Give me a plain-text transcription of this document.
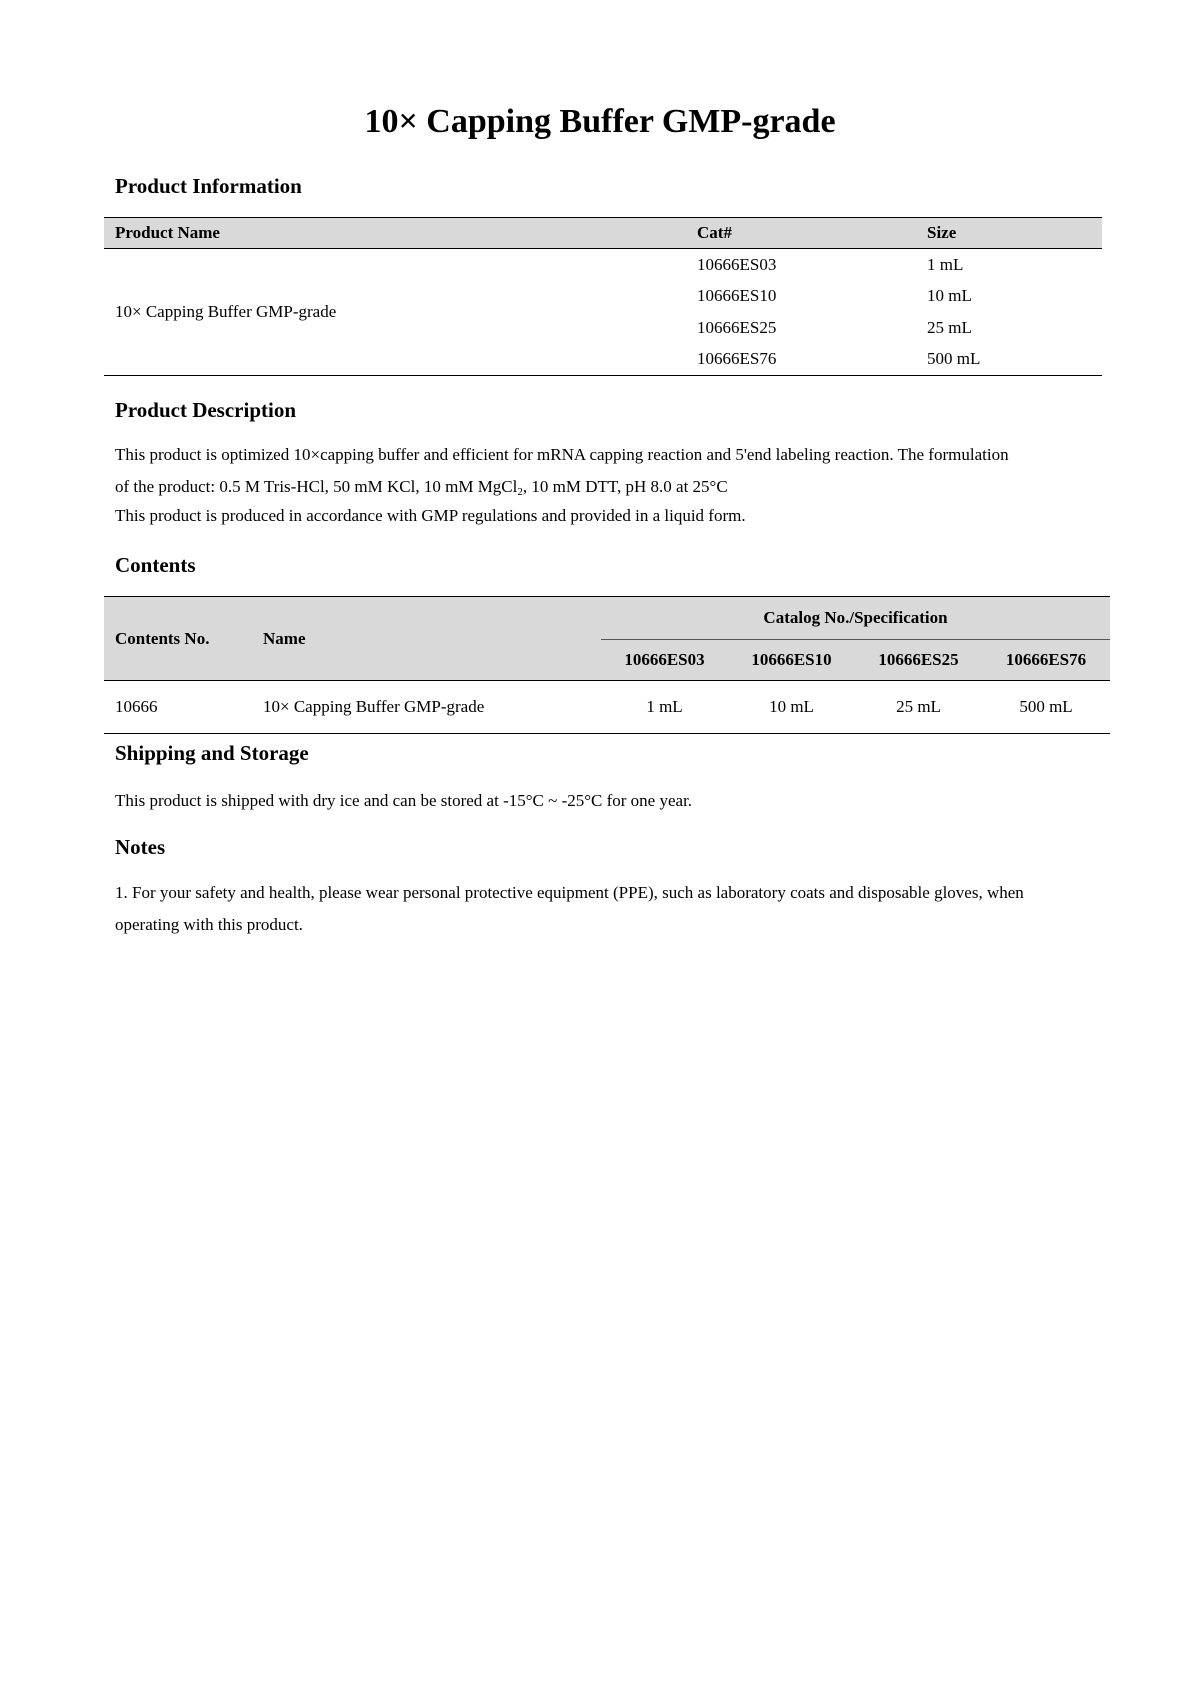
10× Capping Buffer GMP-grade
Product Information
Product Name	Cat#	Size
10× Capping Buffer GMP-grade	10666ES03	1 mL
	10666ES10	10 mL
	10666ES25	25 mL
	10666ES76	500 mL
Product Description

This product is optimized 10×capping buffer and efficient for mRNA capping reaction and 5'end labeling reaction. The formulation
of the product: 0.5 M Tris-HCl, 50 mM KCl, 10 mM MgCl$_2$, 10 mM DTT, pH 8.0 at 25°C

This product is produced in accordance with GMP regulations and provided in a liquid form.

Contents
Contents No.	Name	Catalog No./Specification			
		10666ES03	10666ES10	10666ES25	10666ES76
10666	10× Capping Buffer GMP-grade	1 mL	10 mL	25 mL	500 mL
Shipping and Storage

This product is shipped with dry ice and can be stored at -15°C ~ -25°C for one year.

Notes

1. For your safety and health, please wear personal protective equipment (PPE), such as laboratory coats and disposable gloves, when
operating with this product.
